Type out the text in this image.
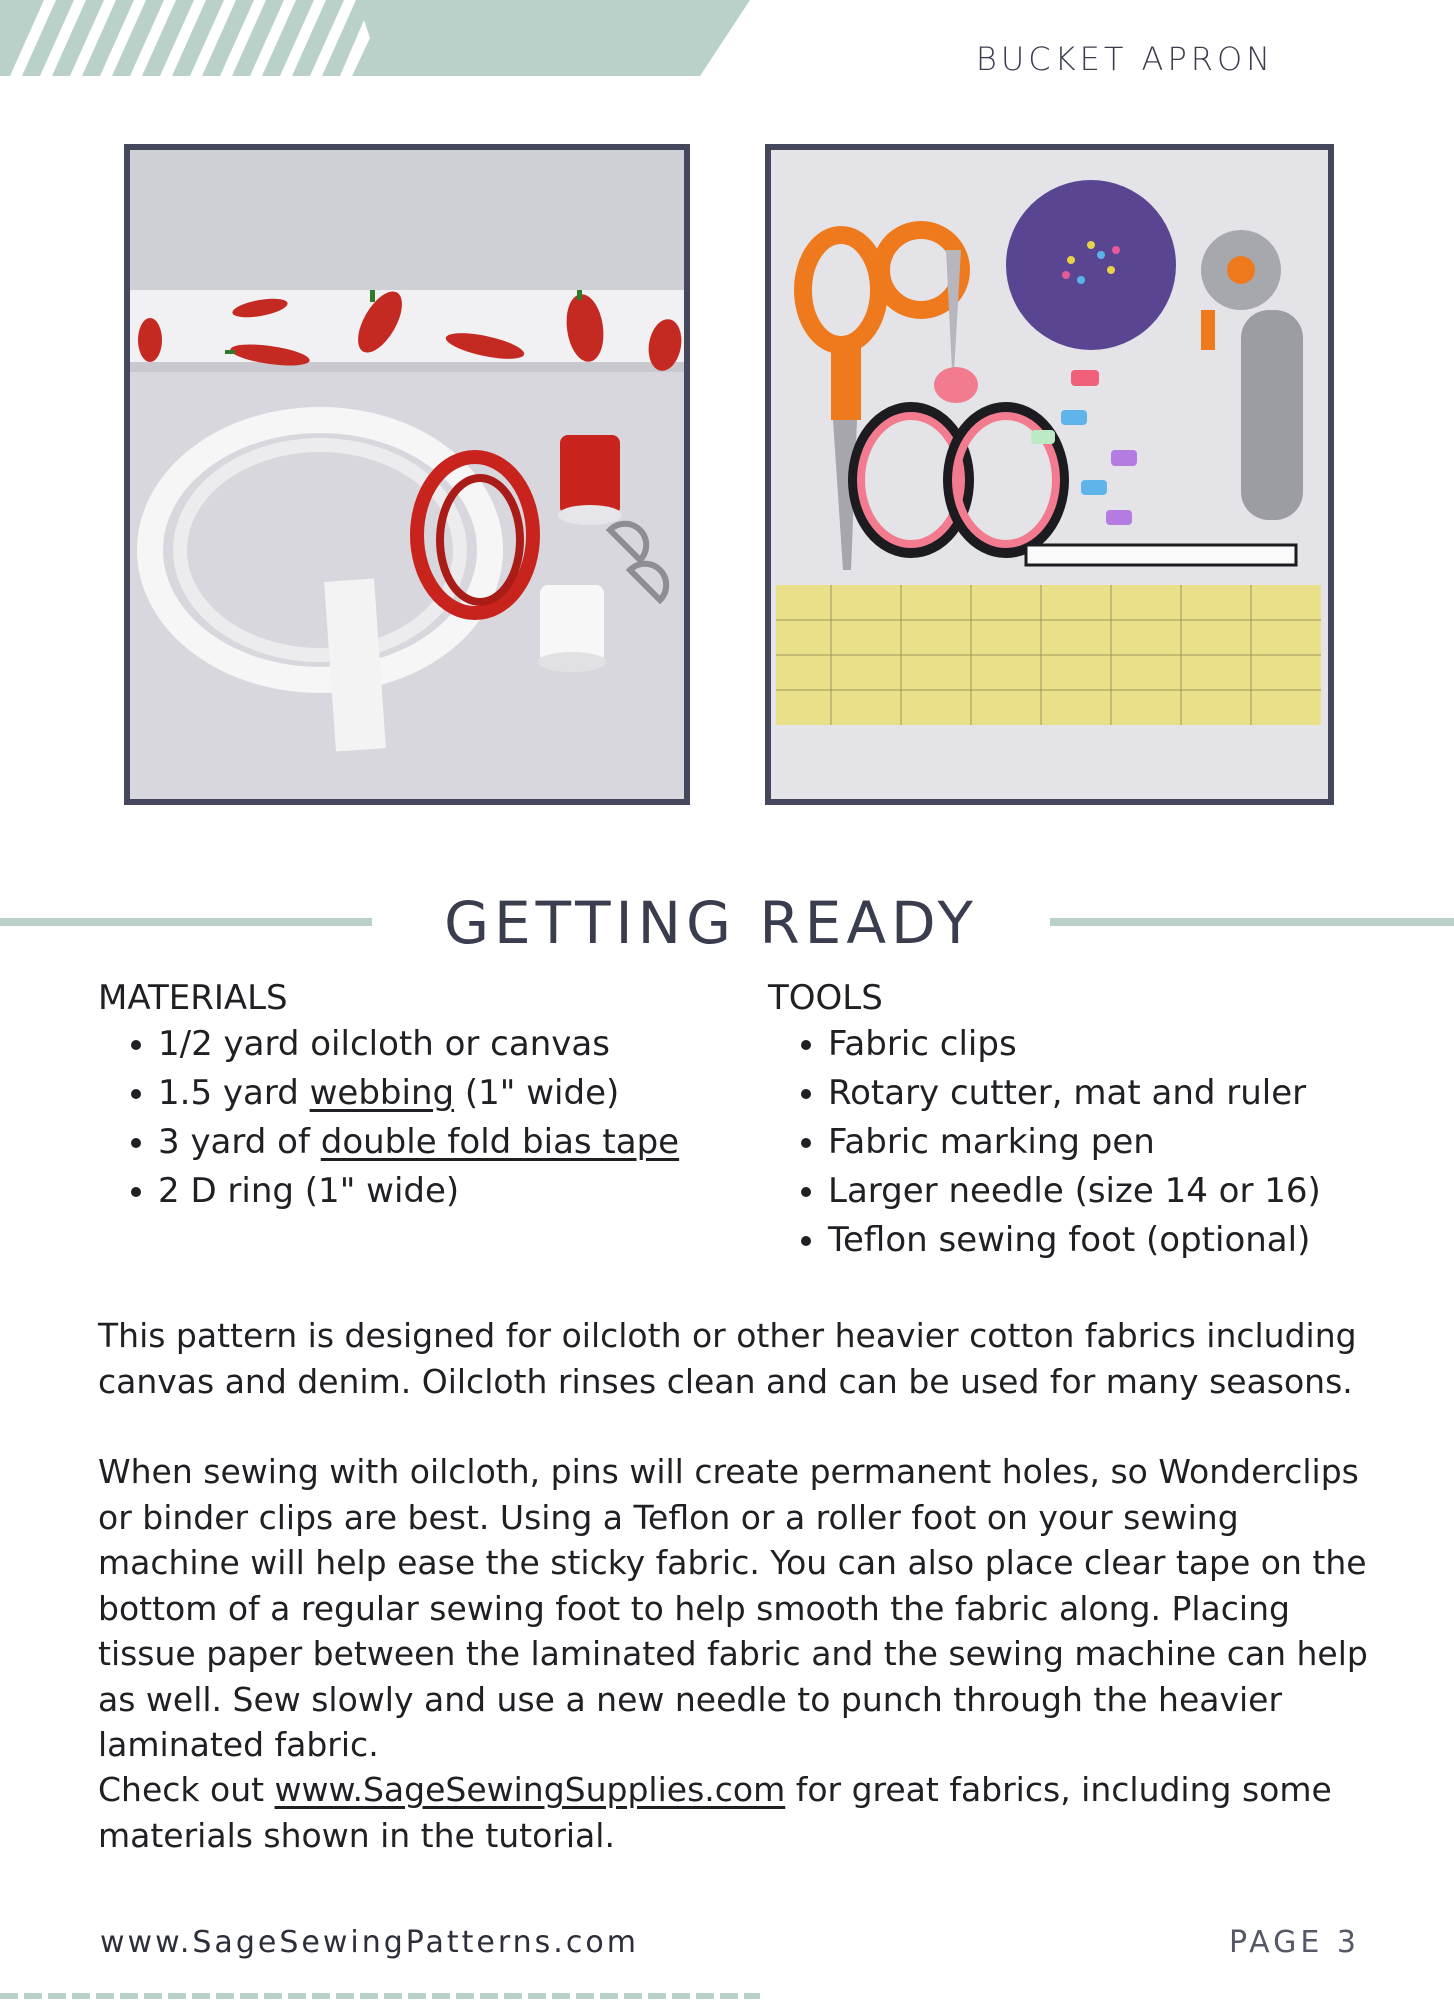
BUCKET APRON
GETTING READY
MATERIALS
• 1/2 yard oilcloth or canvas
• 1.5 yard webbing (1" wide)
• 3 yard of double fold bias tape
• 2 D ring (1" wide)
TOOLS
• Fabric clips
• Rotary cutter, mat and ruler
• Fabric marking pen
• Larger needle (size 14 or 16)
• Teflon sewing foot (optional)

This pattern is designed for oilcloth or other heavier cotton fabrics including canvas and denim. Oilcloth rinses clean and can be used for many seasons.

When sewing with oilcloth, pins will create permanent holes, so Wonderclips or binder clips are best. Using a Teflon or a roller foot on your sewing machine will help ease the sticky fabric. You can also place clear tape on the bottom of a regular sewing foot to help smooth the fabric along. Placing tissue paper between the laminated fabric and the sewing machine can help as well. Sew slowly and use a new needle to punch through the heavier laminated fabric.

Check out www.SageSewingSupplies.com for great fabrics, including some materials shown in the tutorial.

www.SageSewingPatterns.com	PAGE 3
